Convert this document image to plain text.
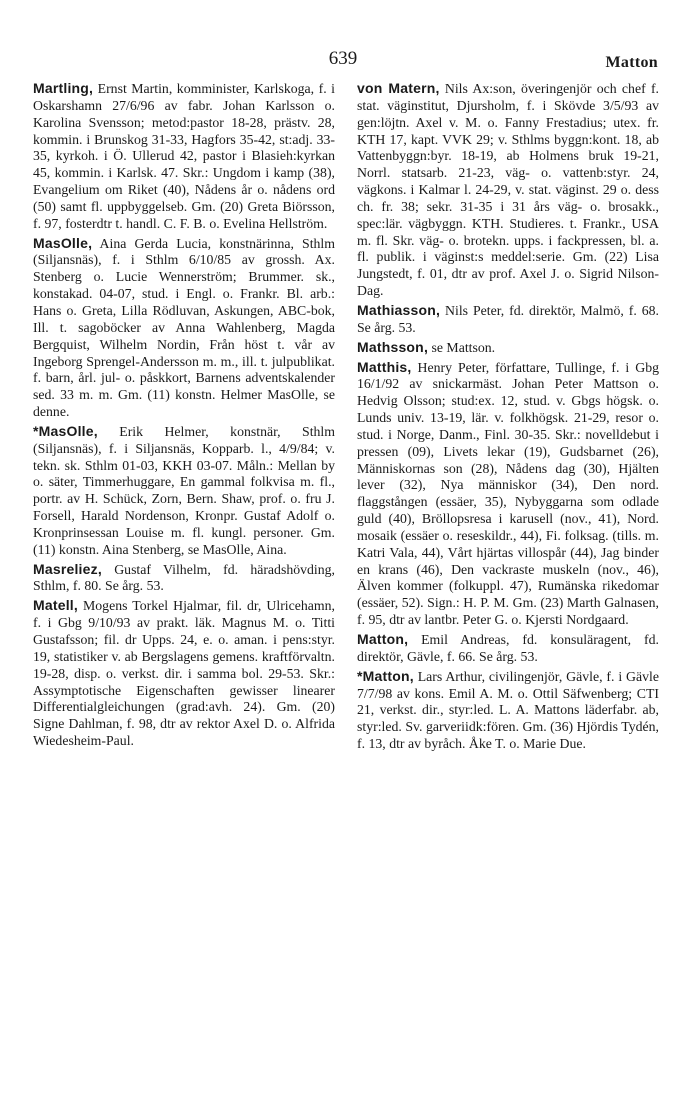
639	Matton

Martling, Ernst Martin, komminister, Karlskoga, f. i Oskarshamn 27/6/96 av fabr. Johan Karlsson o. Karolina Svensson; metod:pastor 18-28, prästv. 28, kommin. i Brunskog 31-33, Hagfors 35-42, st:adj. 33-35, kyrkoh. i Ö. Ullerud 42, pastor i Blasieh:kyrkan 45, kommin. i Karlsk. 47. Skr.: Ungdom i kamp (38), Evangelium om Riket (40), Nådens år o. nådens ord (50) samt fl. uppbyggelseb. Gm. (20) Greta Biörsson, f. 97, fosterdtr t. handl. C. F. B. o. Evelina Hellström.

MasOlle, Aina Gerda Lucia, konstnärinna, Sthlm (Siljansnäs), f. i Sthlm 6/10/85 av grossh. Ax. Stenberg o. Lucie Wennerström; Brummer. sk., konstakad. 04-07, stud. i Engl. o. Frankr. Bl. arb.: Hans o. Greta, Lilla Rödluvan, Askungen, ABC-bok, Ill. t. sagoböcker av Anna Wahlenberg, Magda Bergquist, Wilhelm Nordin, Från höst t. vår av Ingeborg Sprengel-Andersson m. m., ill. t. julpublikat. f. barn, årl. jul- o. påskkort, Barnens adventskalender sed. 33 m. m. Gm. (11) konstn. Helmer MasOlle, se denne.

*MasOlle, Erik Helmer, konstnär, Sthlm (Siljansnäs), f. i Siljansnäs, Kopparb. l., 4/9/84; v. tekn. sk. Sthlm 01-03, KKH 03-07. Måln.: Mellan by o. säter, Timmerhuggare, En gammal folkvisa m. fl., portr. av H. Schück, Zorn, Bern. Shaw, prof. o. fru J. Forsell, Harald Nordenson, Kronpr. Gustaf Adolf o. Kronprinsessan Louise m. fl. kungl. personer. Gm. (11) konstn. Aina Stenberg, se MasOlle, Aina.

Masreliez, Gustaf Vilhelm, fd. häradshövding, Sthlm, f. 80. Se årg. 53.

Matell, Mogens Torkel Hjalmar, fil. dr, Ulricehamn, f. i Gbg 9/10/93 av prakt. läk. Magnus M. o. Titti Gustafsson; fil. dr Upps. 24, e. o. aman. i pens:styr. 19, statistiker v. ab Bergslagens gemens. kraftförvaltn. 19-28, disp. o. verkst. dir. i samma bol. 29-53. Skr.: Assymptotische Eigenschaften gewisser linearer Differentialgleichungen (grad:avh. 24). Gm. (20) Signe Dahlman, f. 98, dtr av rektor Axel D. o. Alfrida Wiedesheim-Paul.

von Matern, Nils Ax:son, överingenjör och chef f. stat. väginstitut, Djursholm, f. i Skövde 3/5/93 av gen:löjtn. Axel v. M. o. Fanny Frestadius; utex. fr. KTH 17, kapt. VVK 29; v. Sthlms byggn:kont. 18, ab Vattenbyggn:byr. 18-19, ab Holmens bruk 19-21, Norrl. statsarb. 21-23, väg- o. vattenb:styr. 24, vägkons. i Kalmar l. 24-29, v. stat. väginst. 29 o. dess ch. fr. 38; sekr. 31-35 i 31 års väg- o. brosakk., spec:lär. vägbyggn. KTH. Studieres. t. Frankr., USA m. fl. Skr. väg- o. brotekn. upps. i fackpressen, bl. a. fl. publik. i väginst:s meddel:serie. Gm. (22) Lisa Jungstedt, f. 01, dtr av prof. Axel J. o. Sigrid Nilson-Dag.

Mathiasson, Nils Peter, fd. direktör, Malmö, f. 68. Se årg. 53.

Mathsson, se Mattson.

Matthis, Henry Peter, författare, Tullinge, f. i Gbg 16/1/92 av snickarmäst. Johan Peter Mattson o. Hedvig Olsson; stud:ex. 12, stud. v. Gbgs högsk. o. Lunds univ. 13-19, lär. v. folkhögsk. 21-29, resor o. stud. i Norge, Danm., Finl. 30-35. Skr.: novelldebut i pressen (09), Livets lekar (19), Gudsbarnet (26), Människornas son (28), Nådens dag (30), Hjälten lever (32), Nya människor (34), Den nord. flaggstången (essäer, 35), Nybyggarna som odlade guld (40), Bröllopsresa i karusell (nov., 41), Nord. mosaik (essäer o. reseskildr., 44), Fi. folksag. (tills. m. Katri Vala, 44), Vårt hjärtas villospår (44), Jag binder en krans (46), Den vackraste muskeln (nov., 46), Älven kommer (folkuppl. 47), Rumänska rikedomar (essäer, 52). Sign.: H. P. M. Gm. (23) Marth Galnasen, f. 95, dtr av lantbr. Peter G. o. Kjersti Nordgaard.

Matton, Emil Andreas, fd. konsuläragent, fd. direktör, Gävle, f. 66. Se årg. 53.

*Matton, Lars Arthur, civilingenjör, Gävle, f. i Gävle 7/7/98 av kons. Emil A. M. o. Ottil Säfwenberg; CTI 21, verkst. dir., styr:led. L. A. Mattons läderfabr. ab, styr:led. Sv. garveriidk:fören. Gm. (36) Hjördis Tydén, f. 13, dtr av byråch. Åke T. o. Marie Due.
